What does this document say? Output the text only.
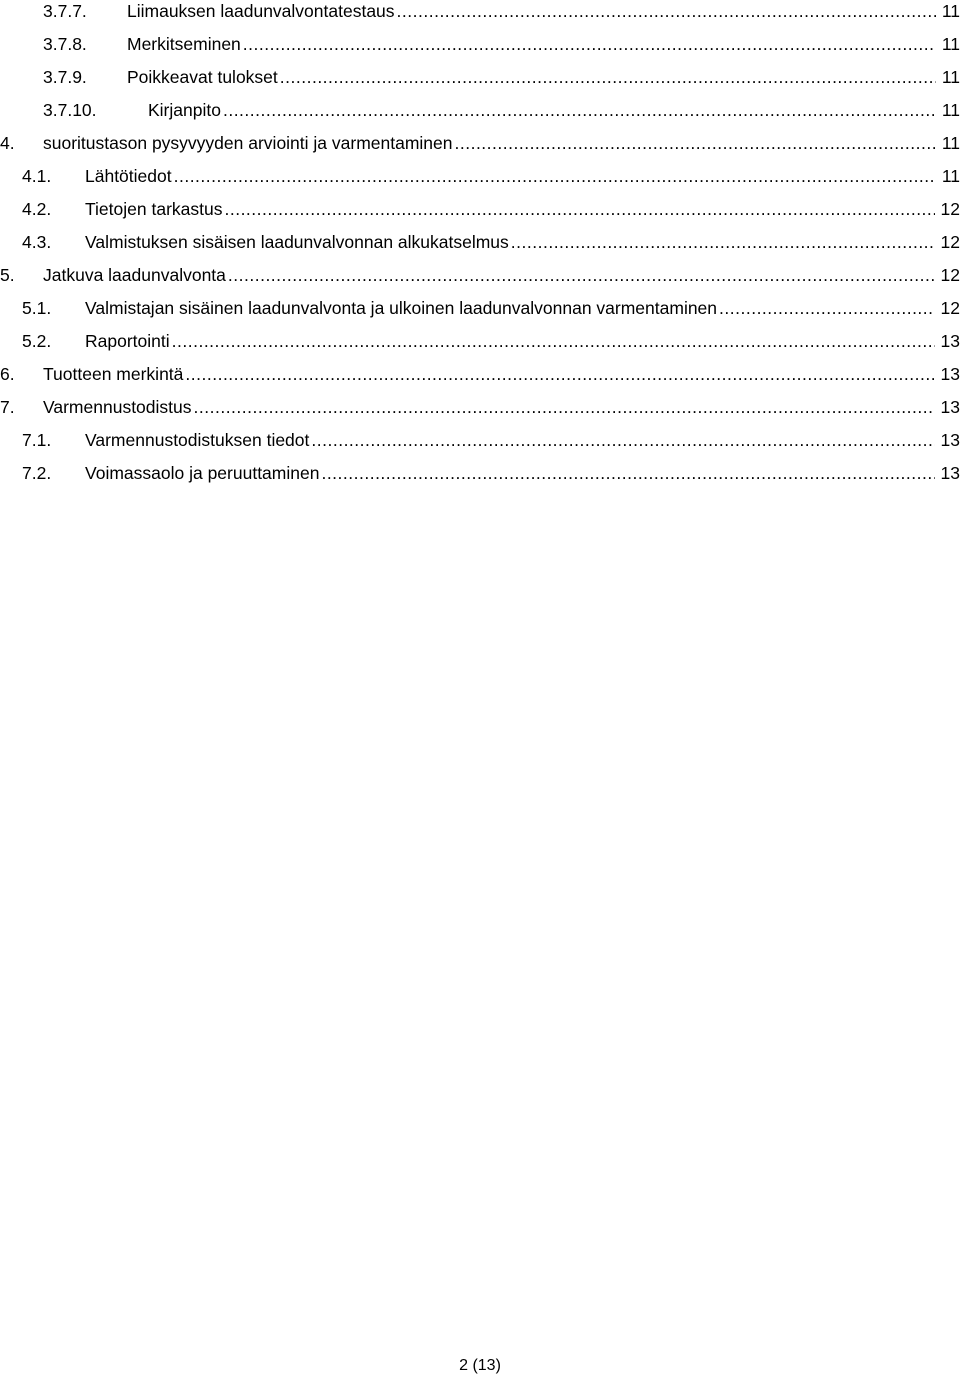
3.7.7.	Liimauksen laadunvalvontatestaus .....	11
3.7.8.	Merkitseminen .....	11
3.7.9.	Poikkeavat tulokset .....	11
3.7.10.	Kirjanpito .....	11
4.	suoritustason pysyvyyden arviointi ja varmentaminen .....	11
4.1.	Lähtötiedot .....	11
4.2.	Tietojen tarkastus .....	12
4.3.	Valmistuksen sisäisen laadunvalvonnan alkukatselmus .....	12
5.	Jatkuva laadunvalvonta .....	12
5.1.	Valmistajan sisäinen laadunvalvonta ja ulkoinen laadunvalvonnan varmentaminen .....	12
5.2.	Raportointi .....	13
6.	Tuotteen merkintä .....	13
7.	Varmennustodistus .....	13
7.1.	Varmennustodistuksen tiedot .....	13
7.2.	Voimassaolo ja peruuttaminen .....	13
2 (13)
